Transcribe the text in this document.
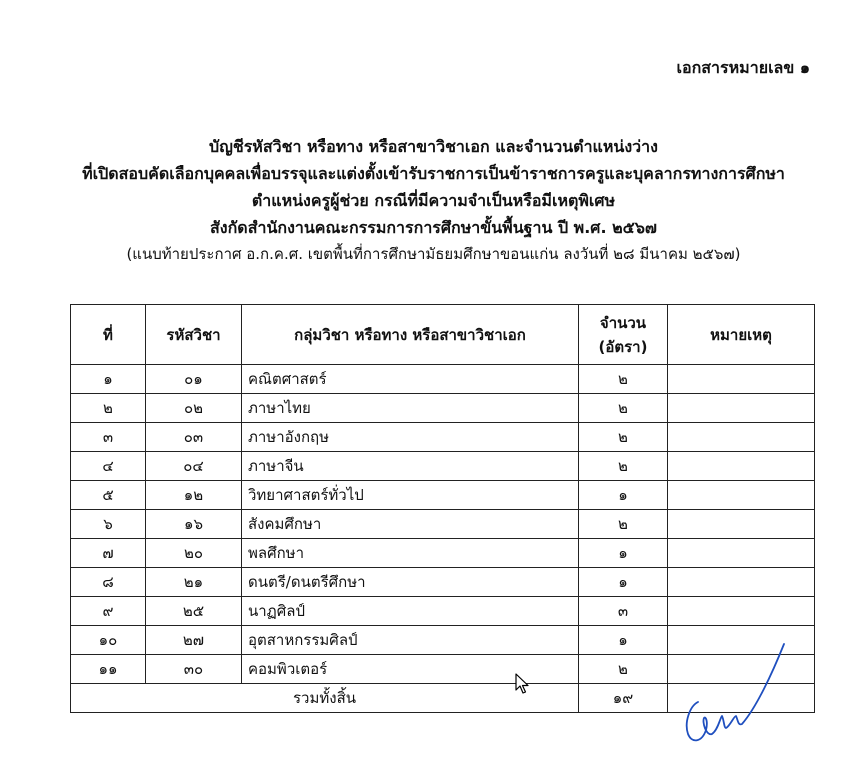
เอกสารหมายเลข ๑
บัญชีรหัสวิชา หรือทาง หรือสาขาวิชาเอก และจำนวนตำแหน่งว่าง
ที่เปิดสอบคัดเลือกบุคคลเพื่อบรรจุและแต่งตั้งเข้ารับราชการเป็นข้าราชการครูและบุคลากรทางการศึกษา
ตำแหน่งครูผู้ช่วย กรณีที่มีความจำเป็นหรือมีเหตุพิเศษ
สังกัดสำนักงานคณะกรรมการการศึกษาขั้นพื้นฐาน ปี พ.ศ. ๒๕๖๗
(แนบท้ายประกาศ อ.ก.ค.ศ. เขตพื้นที่การศึกษามัธยมศึกษาขอนแก่น ลงวันที่ ๒๘ มีนาคม ๒๕๖๗)
ที่	รหัสวิชา	กลุ่มวิชา หรือทาง หรือสาขาวิชาเอก	จำนวน
(อัตรา)	หมายเหตุ
๑	๐๑	คณิตศาสตร์	๒	
๒	๐๒	ภาษาไทย	๒	
๓	๐๓	ภาษาอังกฤษ	๒	
๔	๐๔	ภาษาจีน	๒	
๕	๑๒	วิทยาศาสตร์ทั่วไป	๑	
๖	๑๖	สังคมศึกษา	๒	
๗	๒๐	พลศึกษา	๑	
๘	๒๑	ดนตรี/ดนตรีศึกษา	๑	
๙	๒๕	นาฏศิลป์	๓	
๑๐	๒๗	อุตสาหกรรมศิลป์	๑	
๑๑	๓๐	คอมพิวเตอร์	๒	
รวมทั้งสิ้น			๑๙	
